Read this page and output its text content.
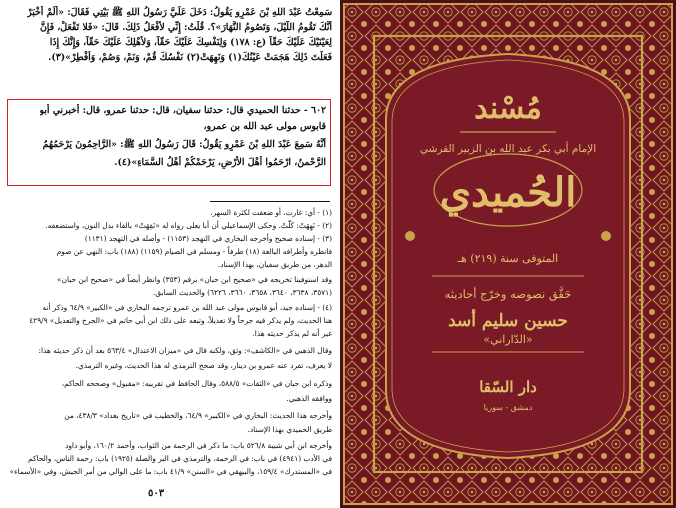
سَمِعْتُ عَبْدَ اللهِ بْنَ عَمْرٍو يَقُولُ: دَخَلَ عَلَيَّ رَسُولُ اللهِ ﷺ بَيْتِي فَقَالَ: «أَلَمْ أُخْبَرْ
أَنَّكَ تَقُومُ اللَّيْلَ، وَتَصُومُ النَّهَارَ»؟. قُلْتُ: إِنِّي لأَفْعَلُ ذَلِكَ. قَالَ: «فَلا تَفْعَلْ، فَإِنَّ
لِعَيْنَيْكَ عَلَيْكَ حَقّاً (ع: ١٧٨) وَلِنَفْسِكَ عَلَيْكَ حَقّاً، وَلأَهْلِكَ عَلَيْكَ حَقّاً، وَإِنَّكَ إِذَا
فَعَلْتَ ذَلِكَ هَجَمَتْ عَيْنُكَ(١) وَنَهِهَتْ(٢) نَفْسُكَ قُمْ، وَنَمْ، وَصُمْ، وَأَفْطِرْ»(٣).
٦٠٢ - حدثنا الحميدي قال: حدثنا سفيان، قال: حدثنا عمرو، قال: أخبرني أبو
قابوس مولى عبد الله بن عمرو،
أَنَّهُ سَمِعَ عَبْدَ اللهِ بْنَ عَمْرٍو يَقُولُ: قَالَ رَسُولُ اللهِ ﷺ: «الرَّاحِمُونَ يَرْحَمُهُمُ
الرَّحْمنُ، ارْحَمُوا أَهْلَ الأَرْضِ، يَرْحَمْكُمْ أَهْلُ السَّمَاءِ»(٤).
(١) - أي: غارت، أو ضعفت لكثرة السهر.
(٢) - نَهِهَتْ: كَلَّتْ. وحكى الإسماعيلي أن أبا يعلى رواه له «نَفِهَتْ» بالفاء بدل النون، واستضعفه.
(٣) - إسناده صحيح وأخرجه البخاري في التهجد (١١٥٣) - وأصله في التهجد (١١٣١)
فانظره وأطرافه البالغة (١٨) طرفاً - ومسلم في الصيام (١١٥٩) (١٨٨) باب: النهي عن صوم
الدهر، من طريق سفيان، بهذا الإسناد.
وقد استوفينا تخريجه في «صحيح ابن حبان» برقم (٣٥٣) وانظر أيضاً في «صحيح ابن حبان»
(٣٥٧١، ٣٦٣٨، ٣٦٤٠، ٣٦٥٨، ٣٦٦٠، ٦٢٢٦) والحديث السابق.
(٤) - إسناده جيد، أبو قابوس مولى عبد الله بن عمرو ترجمه البخاري في «الكبير» ٦٤/٩ وذكر أنه
هنا الحديث، ولم يذكر فيه جرحاً ولا تعديلاً، وتبعه على ذلك ابن أبي حاتم في «الجرح والتعديل» ٤٢٩/٩
غير أنه لم يذكر حديثه هذا.
وقال الذهبي في «الكاشف»: وثق، ولكنه قال في «ميزان الاعتدال» ٥٦٣/٤ بعد أن ذكر حديثه هذا:
لا يعرف، تفرد عنه عمرو بن دينار، وقد صحح الترمذي له هذا الحديث، وغيره الترمذي.
وذكره ابن حبان في «الثقات» ٥٨٨/٥، وقال الحافظ في تقريبه: «مقبول» وصححه الحاكم،
ووافقه الذهبي.
وأخرجه هذا الحديث: البخاري في «الكبير» ٦٤/٩، والخطيب في «تاريخ بغداد» ٤٣٨/٣، من
طريق الحميدي بهذا الإسناد.
وأخرجه ابن أبي شيبة ٥٢٦/٨ باب: ما ذكر في الرحمة من الثواب، وأحمد ١٦٠/٢، وأبو داود
في الأدب (٤٩٤١) في باب: في الرحمة، والترمذي في البر والصلة (١٩٢٥) باب: رحمة الناس، والحاكم
في «المستدرك» ١٥٩/٤، والبيهقي في «السنن» ٤١/٩ باب: ما على الوالي من أمر الجيش، وفي «الأسماء»
٥٠٣
مُسْند
الإمام أبي بكر عبد الله بن الزبير القرشي
الحُميدي
المتوفى سنة (٢١٩) هـ
حَقَّق نصوصه وخرّج أحاديثه
حسين سليم أسد
«الدّاراني»
دار السّقا
دمشق - سوريا
